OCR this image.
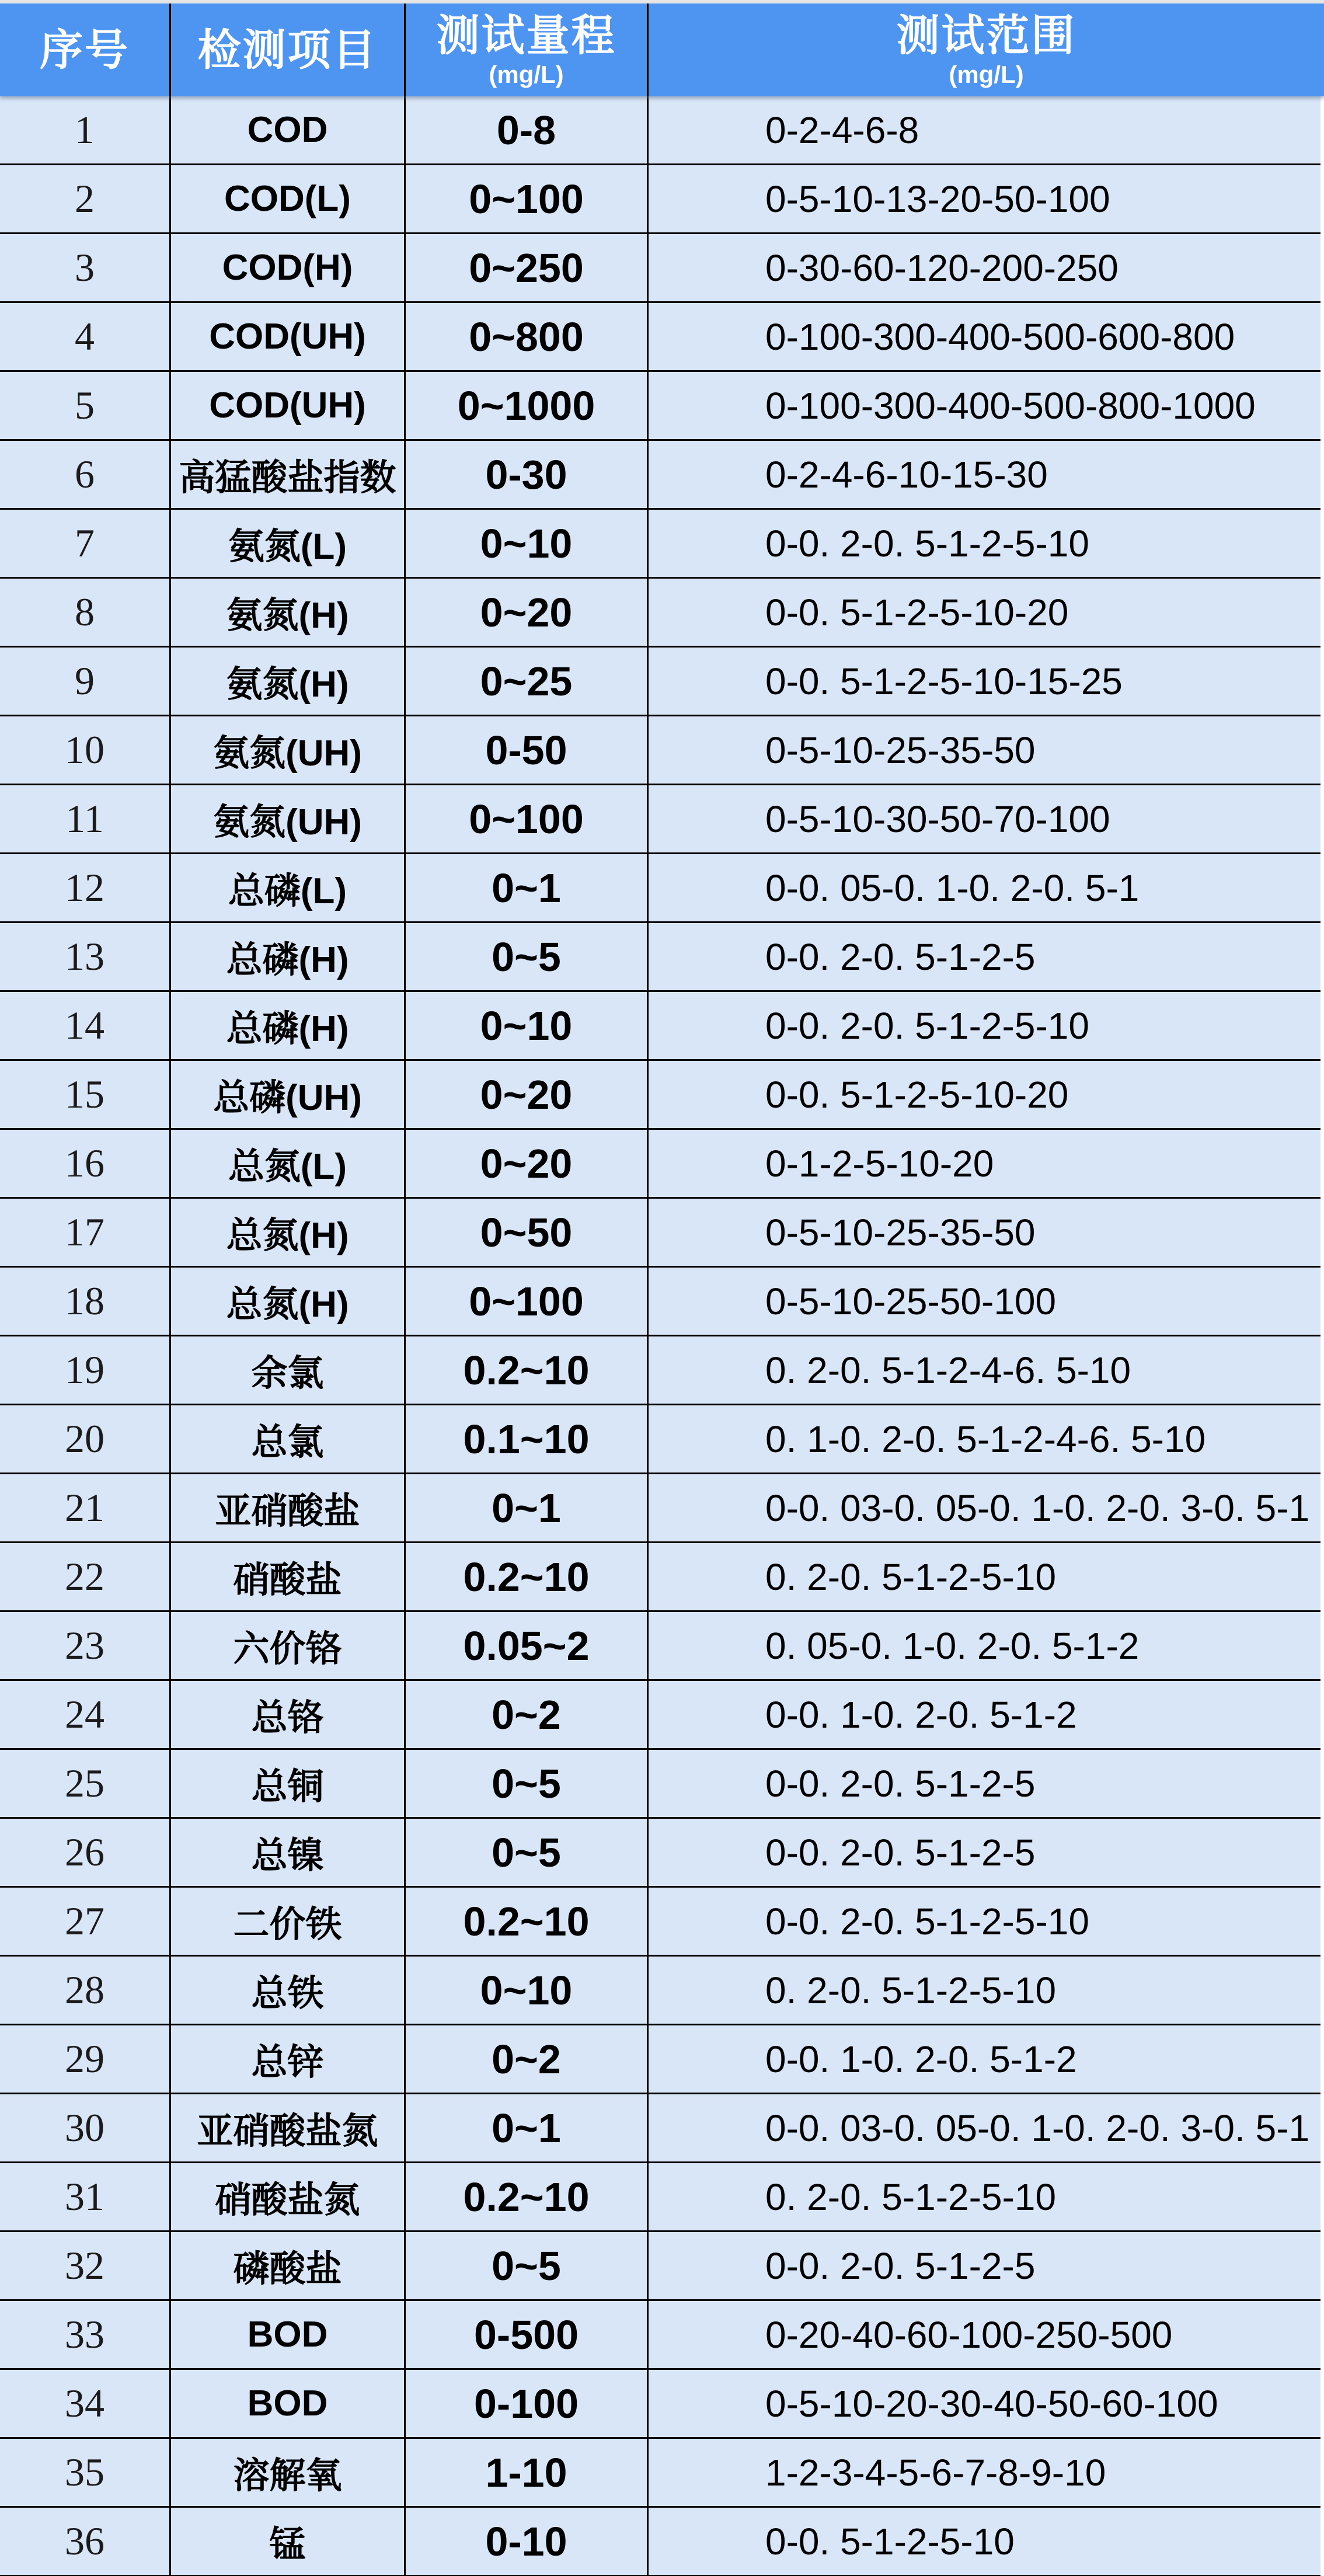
序号 检测项目 测试量程
(mg/L)
测试范围
(mg/L)
1	COD	0-8	0-2-4-6-8
2	COD(L)	0~100	0-5-10-13-20-50-100
3	COD(H)	0~250	0-30-60-120-200-250
4	COD(UH)	0~800	0-100-300-400-500-600-800
5	COD(UH)	0~1000	0-100-300-400-500-800-1000
6	高猛酸盐指数	0-30	0-2-4-6-10-15-30
7	氨氮(L)	0~10	0-0. 2-0. 5-1-2-5-10
8	氨氮(H)	0~20	0-0. 5-1-2-5-10-20
9	氨氮(H)	0~25	0-0. 5-1-2-5-10-15-25
10	氨氮(UH)	0-50	0-5-10-25-35-50
11	氨氮(UH)	0~100	0-5-10-30-50-70-100
12	总磷(L)	0~1	0-0. 05-0. 1-0. 2-0. 5-1
13	总磷(H)	0~5	0-0. 2-0. 5-1-2-5
14	总磷(H)	0~10	0-0. 2-0. 5-1-2-5-10
15	总磷(UH)	0~20	0-0. 5-1-2-5-10-20
16	总氮(L)	0~20	0-1-2-5-10-20
17	总氮(H)	0~50	0-5-10-25-35-50
18	总氮(H)	0~100	0-5-10-25-50-100
19	余氯	0.2~10	0. 2-0. 5-1-2-4-6. 5-10
20	总氯	0.1~10	0. 1-0. 2-0. 5-1-2-4-6. 5-10
21	亚硝酸盐	0~1	0-0. 03-0. 05-0. 1-0. 2-0. 3-0. 5-1
22	硝酸盐	0.2~10	0. 2-0. 5-1-2-5-10
23	六价铬	0.05~2	0. 05-0. 1-0. 2-0. 5-1-2
24	总铬	0~2	0-0. 1-0. 2-0. 5-1-2
25	总铜	0~5	0-0. 2-0. 5-1-2-5
26	总镍	0~5	0-0. 2-0. 5-1-2-5
27	二价铁	0.2~10	0-0. 2-0. 5-1-2-5-10
28	总铁	0~10	0. 2-0. 5-1-2-5-10
29	总锌	0~2	0-0. 1-0. 2-0. 5-1-2
30	亚硝酸盐氮	0~1	0-0. 03-0. 05-0. 1-0. 2-0. 3-0. 5-1
31	硝酸盐氮	0.2~10	0. 2-0. 5-1-2-5-10
32	磷酸盐	0~5	0-0. 2-0. 5-1-2-5
33	BOD	0-500	0-20-40-60-100-250-500
34	BOD	0-100	0-5-10-20-30-40-50-60-100
35	溶解氧	1-10	1-2-3-4-5-6-7-8-9-10
36	锰	0-10	0-0. 5-1-2-5-10
